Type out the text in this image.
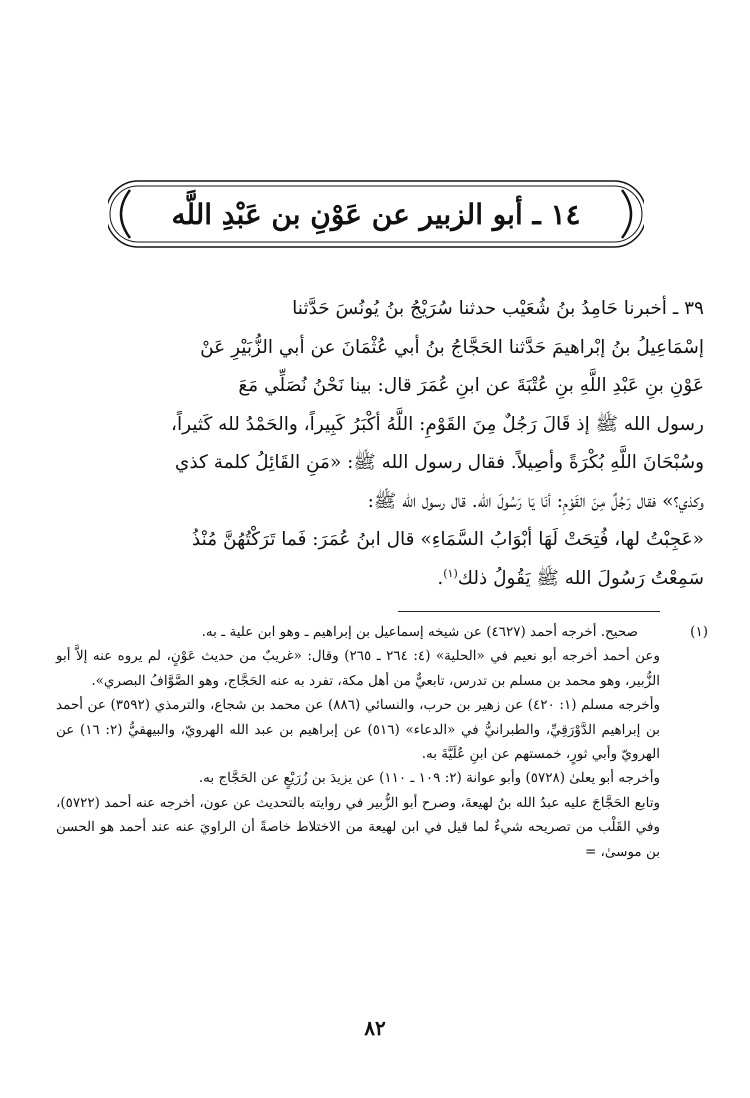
١٤ ـ أبو الزبير عن عَوْنِ بن عَبْدِ اللَّه

٣٩ ـ أخبرنا حَامِدُ بنُ شُعَيْب حدثنا سُرَيْجُ بنُ يُونُسَ حَدَّثنا

إسْمَاعِيلُ بنُ إبْراهيمَ حَدَّثنا الحَجَّاجُ بنُ أبي عُثْمَانَ عن أبي الزُّبَيْرِ عَنْ

عَوْنِ بنِ عَبْدِ اللَّهِ بنِ عُتْبَةَ عن ابنِ عُمَرَ قال: بينا نَحْنُ نُصَلِّي مَعَ

رسول الله ﷺ إذ قَالَ رَجُلٌ مِنَ القَوْمِ: اللَّهُ أكْبَرُ كَبِيراً، والحَمْدُ لله كَثيراً،

وسُبْحَانَ اللَّهِ بُكْرَةً وأصِيلاً. فقال رسول الله ﷺ: «مَنِ القَائِلُ كلمة كذي

وكذي؟» فقال رَجُلٌ مِنَ القَوْمِ: أنَا يَا رَسُولَ الله. قال رسول الله ﷺ:

«عَجِبْتُ لها، فُتِحَتْ لَهَا أبْوَابُ السَّمَاءِ» قال ابنُ عُمَرَ: فَما تَرَكْتُهُنَّ مُنْذُ

سَمِعْتُ رَسُولَ الله ﷺ يَقُولُ ذلك$^{(١)}$.

(١)

صحيح. أخرجه أحمد (٤٦٢٧) عن شيخه إسماعيل بن إبراهيم ـ وهو ابن علية ـ به.

وعن أحمد أخرجه أبو نعيم في «الحلية» (٤: ٢٦٤ ـ ٢٦٥) وقال: «غريبٌ من حديث عَوْنٍ، لم يروه عنه إلاَّ أبو الزُّبير، وهو محمد بن مسلم بن تدرس، تابعيٌّ من أهل مكة، تفرد به عنه الحَجَّاج، وهو الصَّوَّافُ البصري».

وأخرجه مسلم (١: ٤٢٠) عن زهير بن حرب، والنسائي (٨٨٦) عن محمد بن شجاع، والترمذي (٣٥٩٢) عن أحمد بن إبراهيم الدَّوْرَقِيِّ، والطبرانيُّ في «الدعاء» (٥١٦) عن إبراهيم بن عبد الله الهرويّ، والبيهقيُّ (٢: ١٦) عن الهرويّ وأبي ثورٍ، خمستهم عن ابنِ عُلَيَّةَ به.

وأخرجه أبو يعلىٰ (٥٧٢٨) وأبو عوانة (٢: ١٠٩ ـ ١١٠) عن يزيدَ بن زُرَيْعٍ عن الحَجَّاج به.

وتابع الحَجَّاجَ عليه عبدُ الله بنُ لهيعةَ، وصرح أبو الزُّبير في روايته بالتحديث عن عون، أخرجه عنه أحمد (٥٧٢٢)، وفي القَلْب من تصريحه شيءٌ لما قيل في ابن لهيعة من الاختلاط خاصةً أن الراويَ عنه عند أحمد هو الحسن بن موسىٰ، =

٨٢
